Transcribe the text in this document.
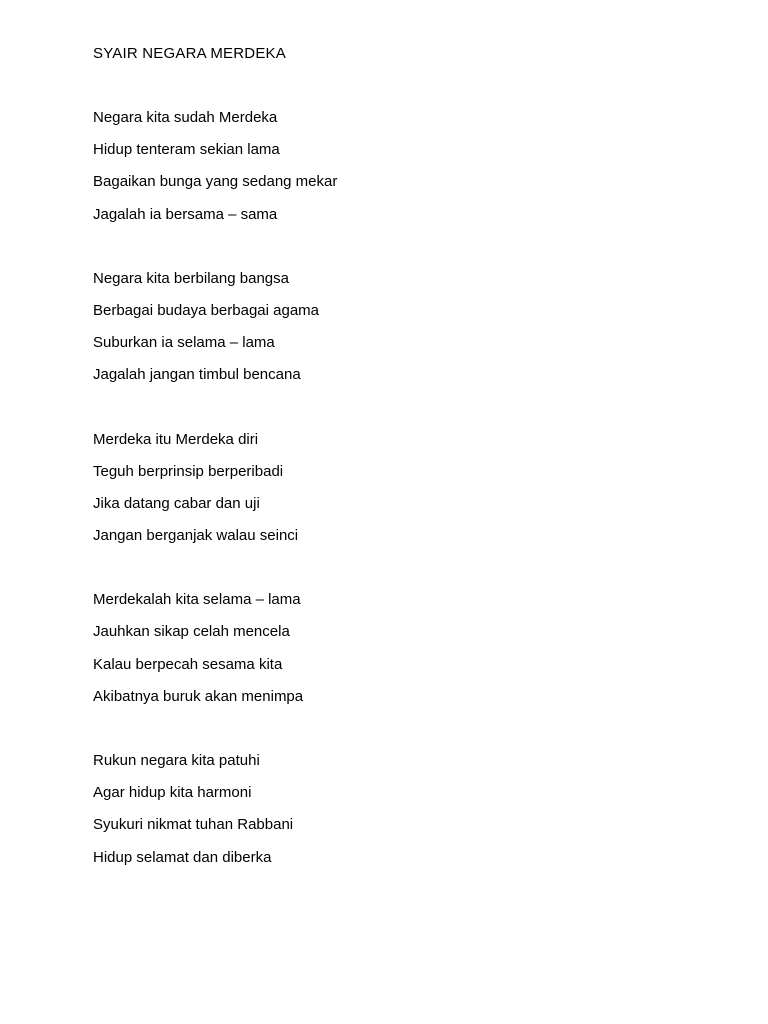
SYAIR NEGARA MERDEKA
Negara kita sudah Merdeka
Hidup tenteram sekian lama
Bagaikan bunga yang sedang mekar
Jagalah ia bersama – sama
Negara kita berbilang bangsa
Berbagai budaya berbagai agama
Suburkan ia selama – lama
Jagalah jangan timbul bencana
Merdeka itu Merdeka diri
Teguh berprinsip berperibadi
Jika datang cabar dan uji
Jangan berganjak walau seinci
Merdekalah kita selama – lama
Jauhkan sikap celah mencela
Kalau berpecah sesama kita
Akibatnya buruk akan menimpa
Rukun negara kita patuhi
Agar hidup kita harmoni
Syukuri nikmat tuhan Rabbani
Hidup selamat dan diberka
